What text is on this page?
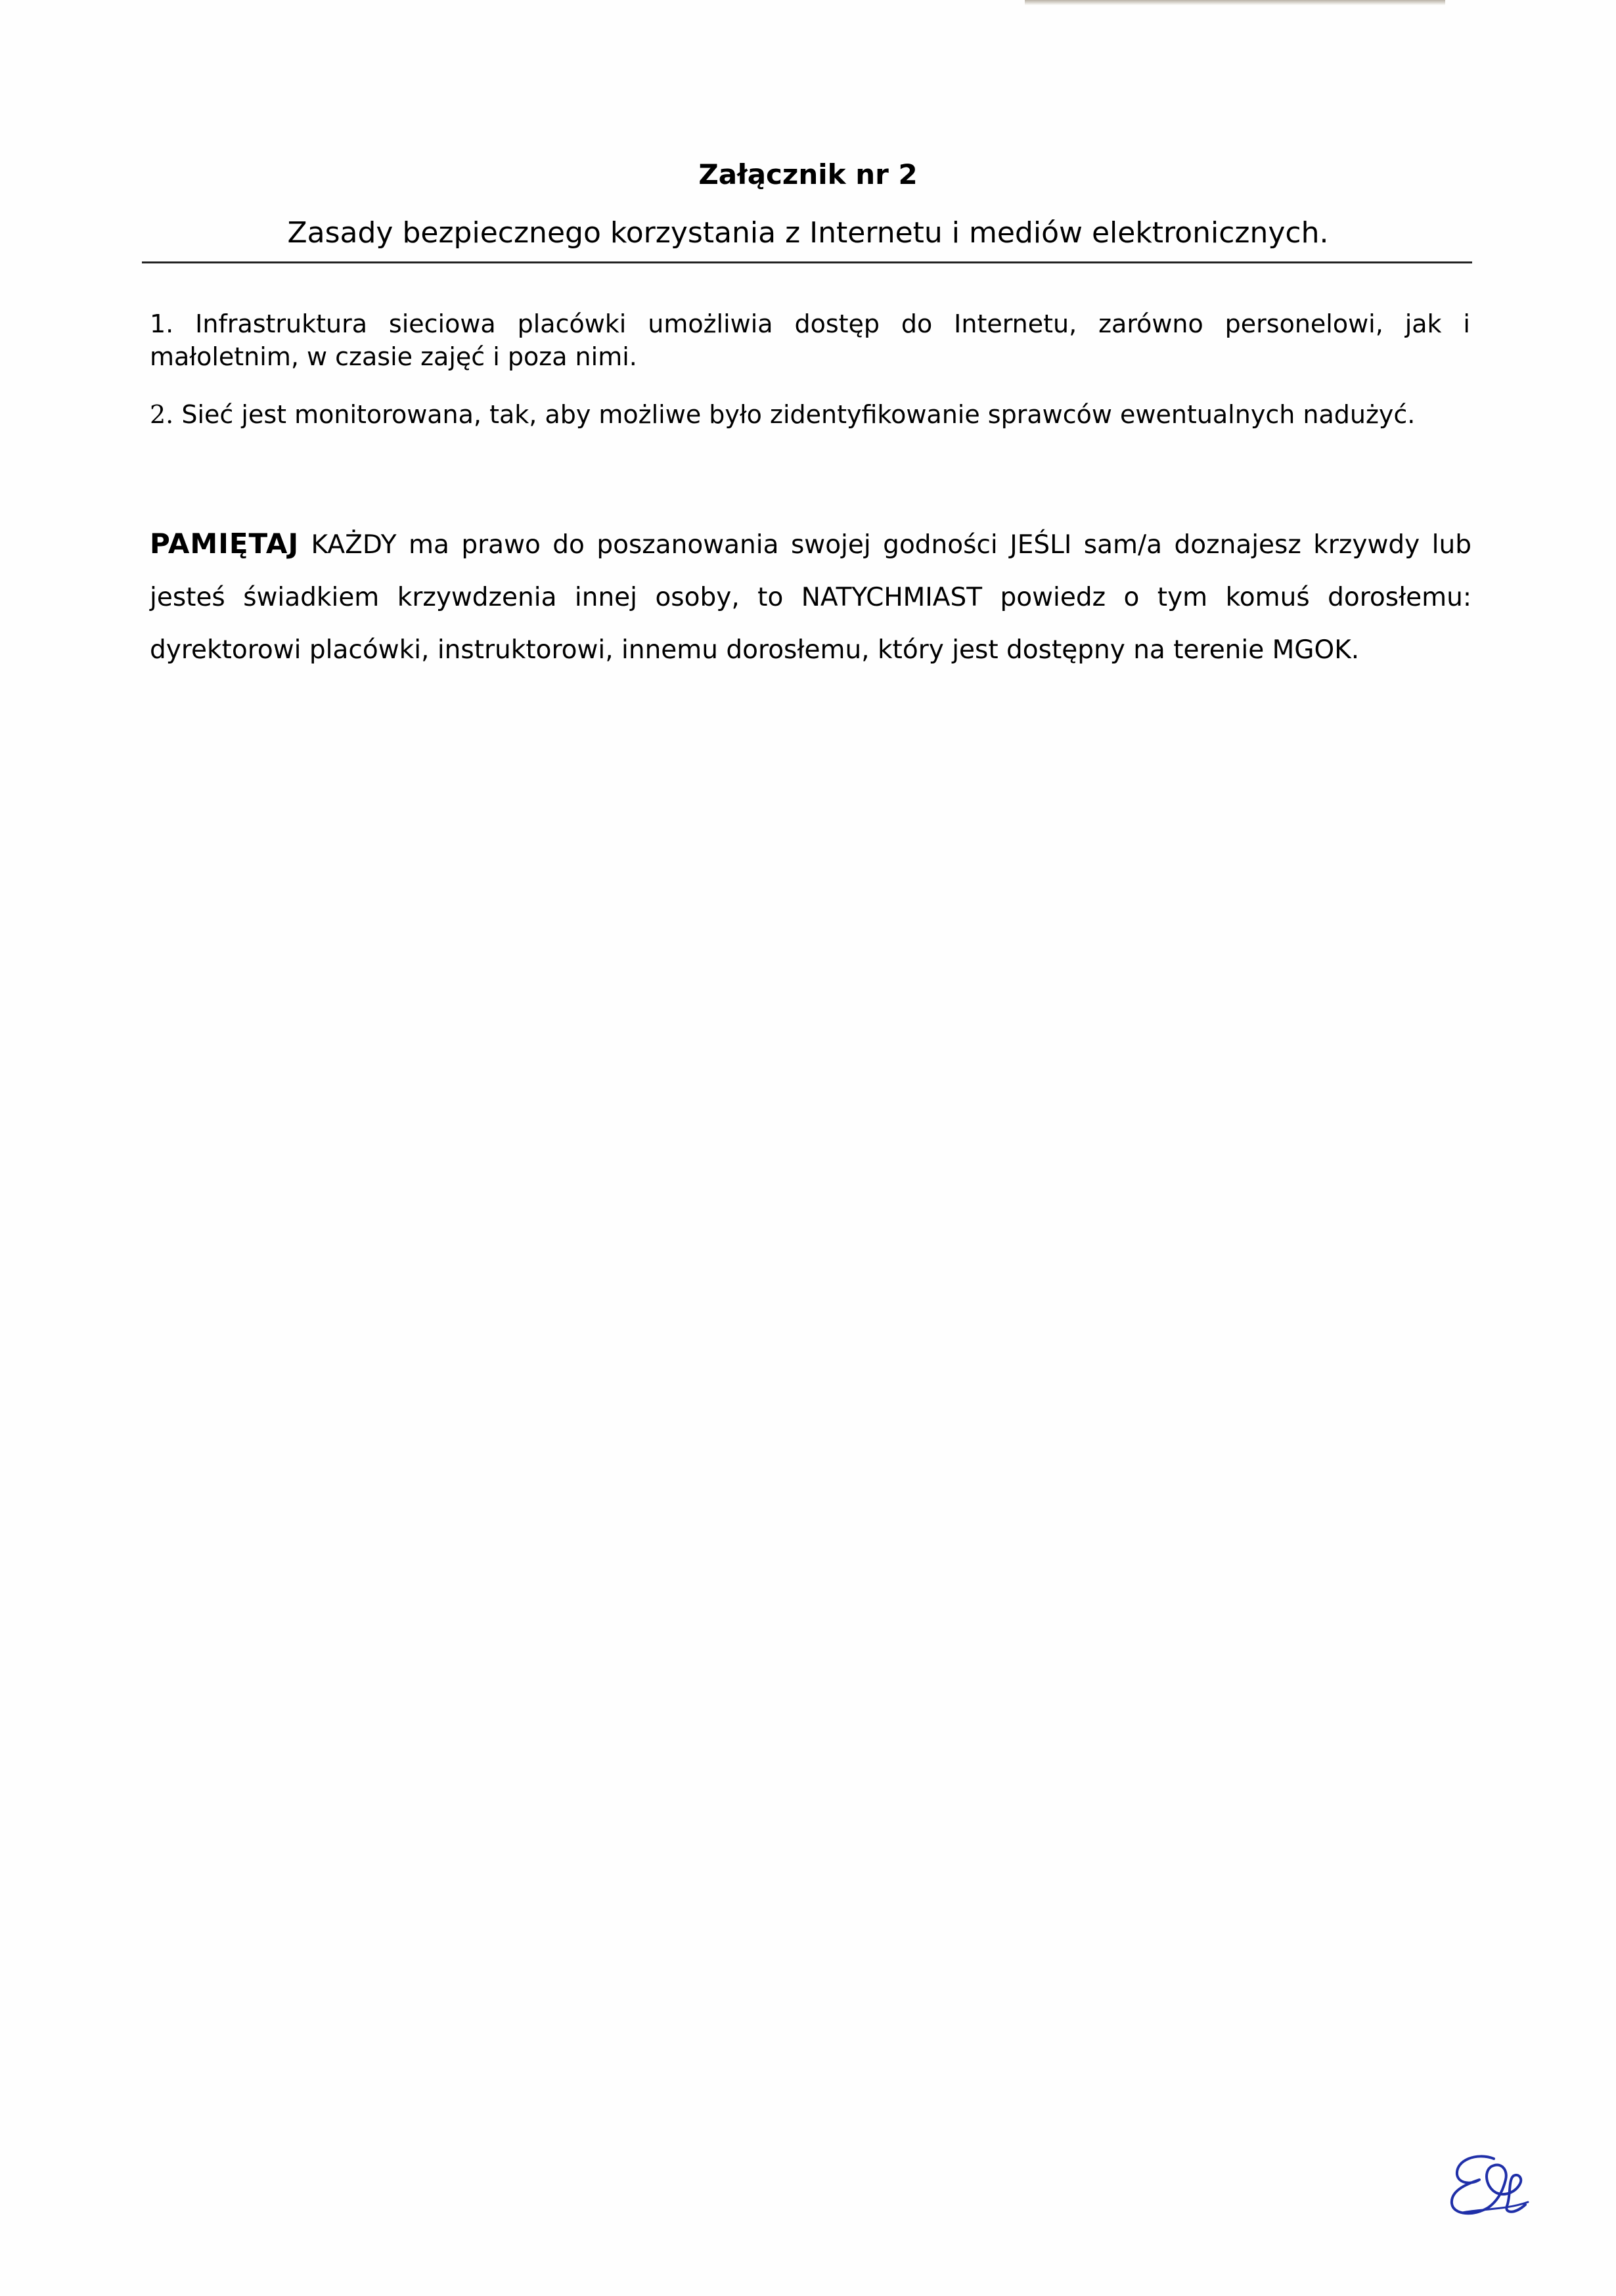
Załącznik nr 2
Zasady bezpiecznego korzystania z Internetu i mediów elektronicznych.
1. Infrastruktura sieciowa placówki umożliwia dostęp do Internetu, zarówno personelowi, jak i małoletnim, w czasie zajęć i poza nimi.
2. Sieć jest monitorowana, tak, aby możliwe było zidentyfikowanie sprawców ewentualnych nadużyć.
PAMIĘTAJ KAŻDY ma prawo do poszanowania swojej godności JEŚLI sam/a doznajesz krzywdy lub jesteś świadkiem krzywdzenia innej osoby, to NATYCHMIAST powiedz o tym komuś dorosłemu: dyrektorowi placówki, instruktorowi, innemu dorosłemu, który jest dostępny na terenie MGOK.
